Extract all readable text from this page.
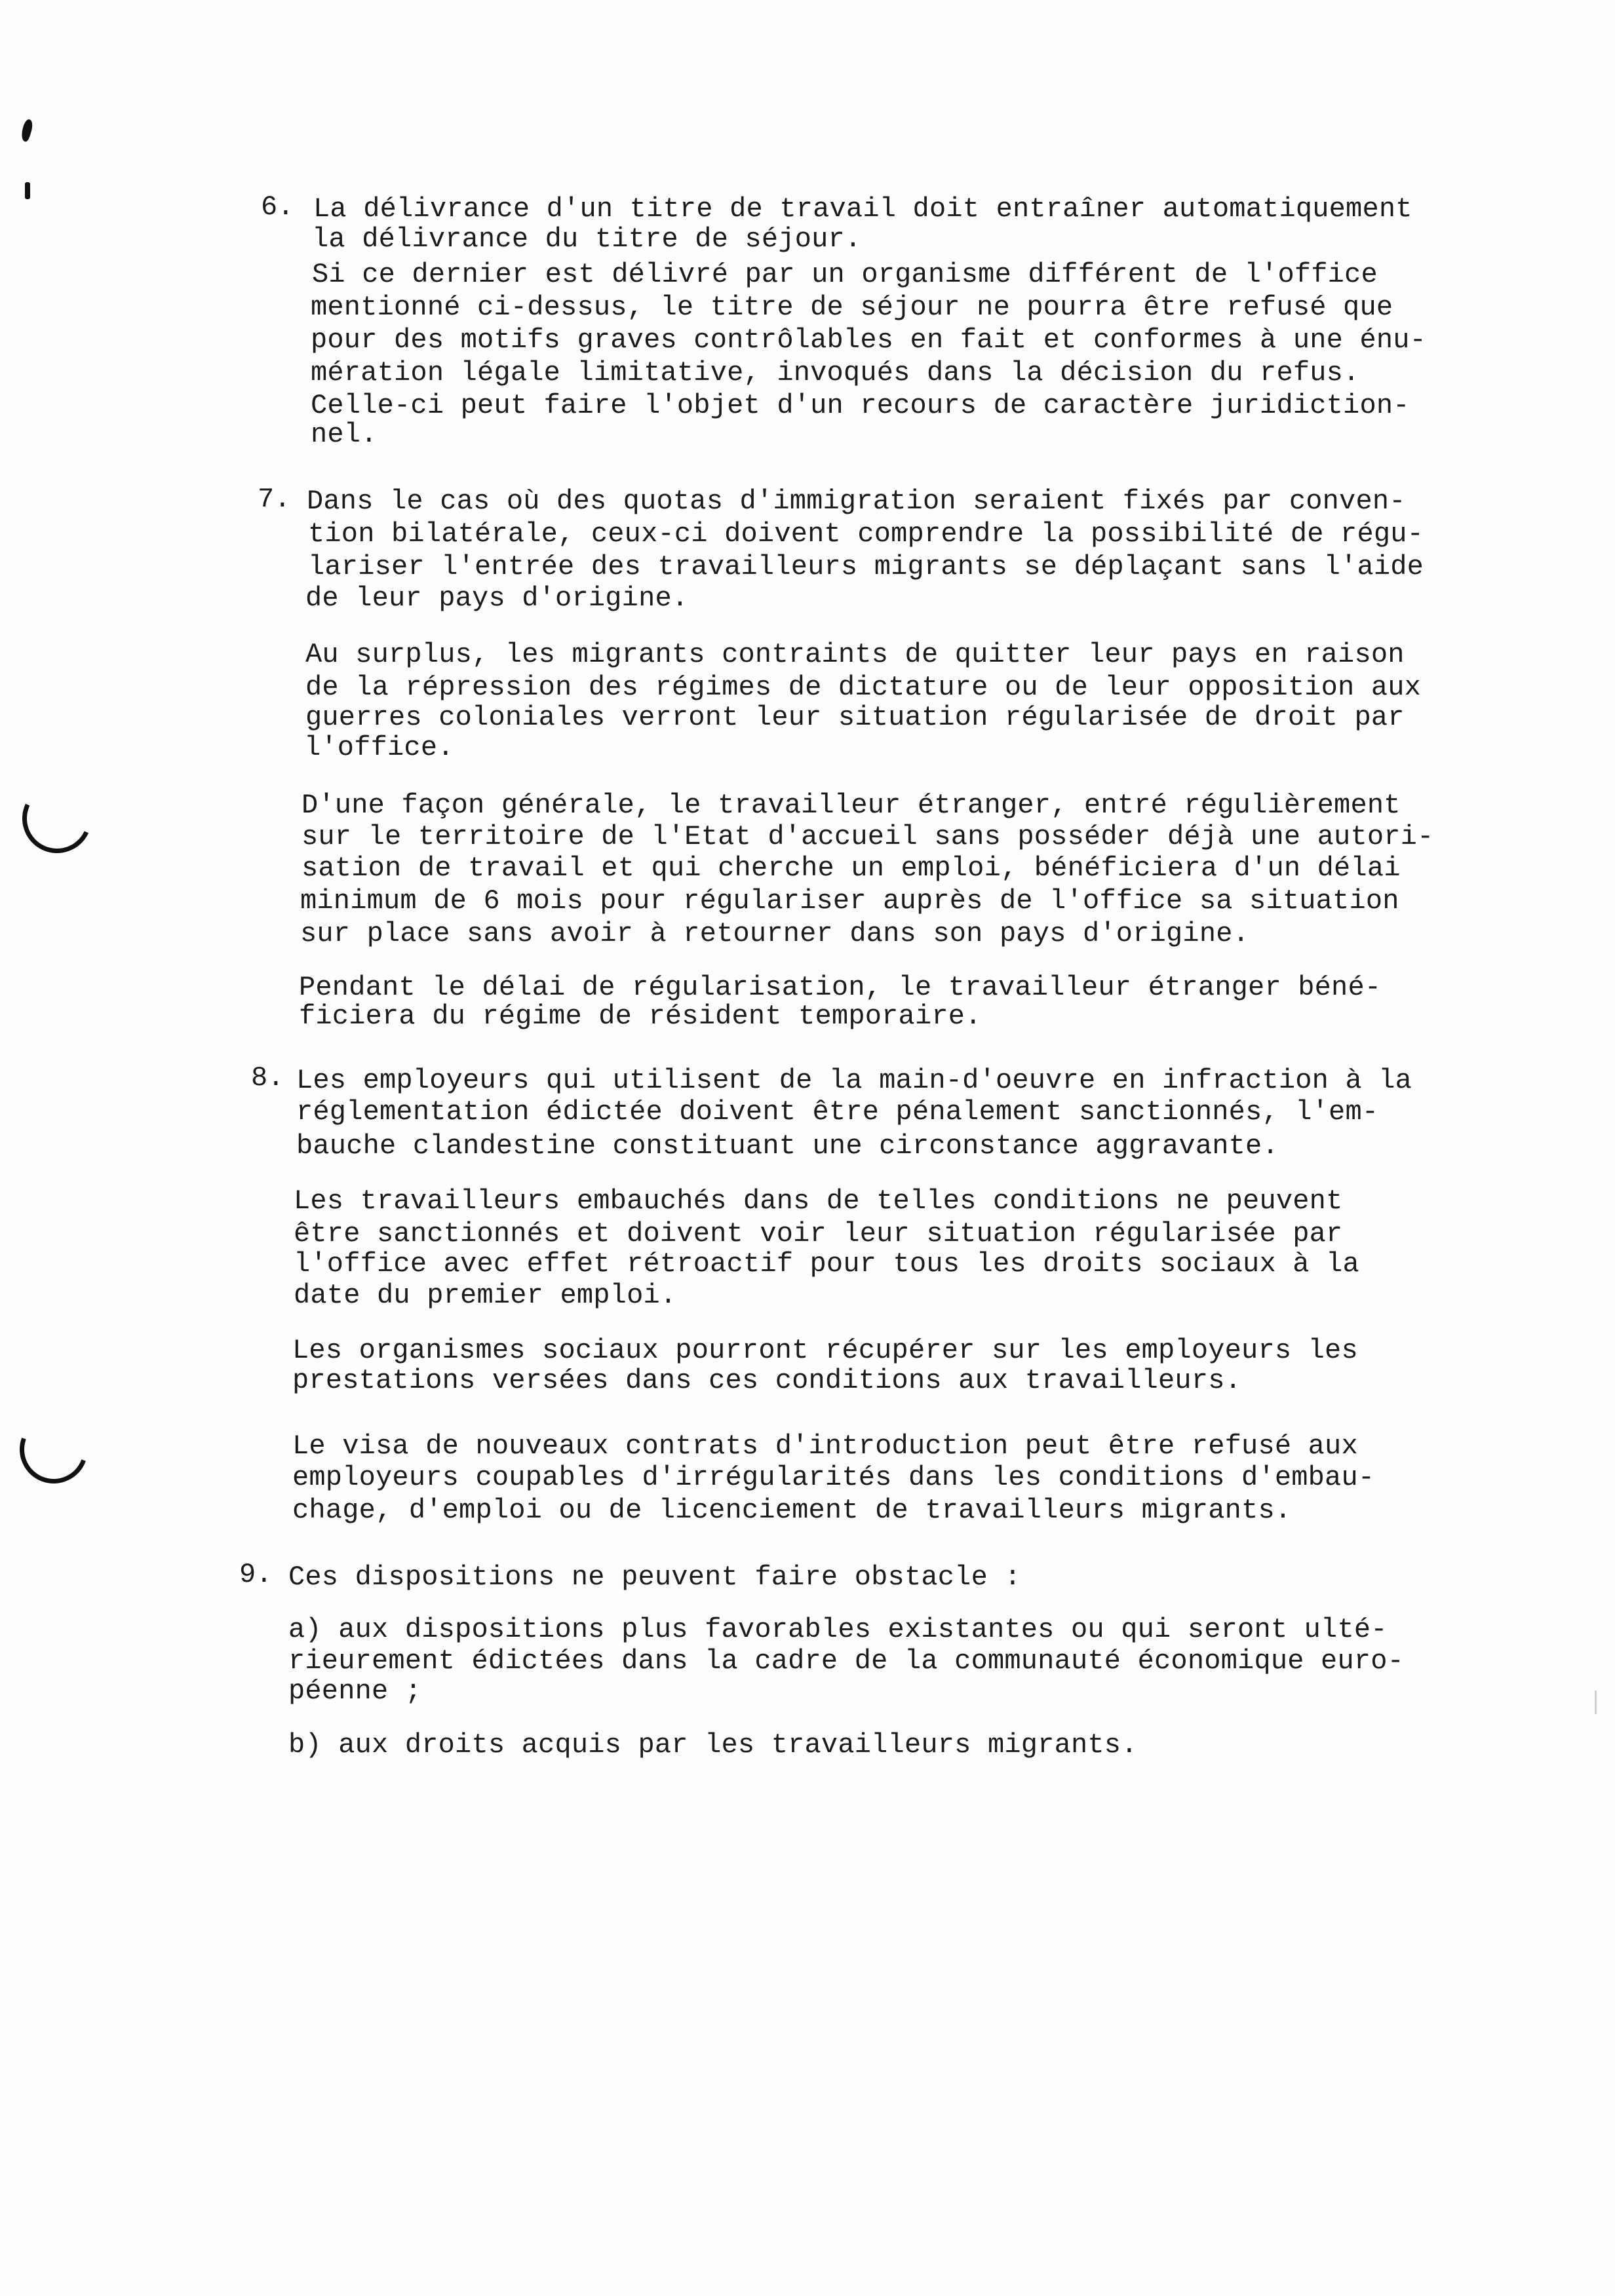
6. La délivrance d'un titre de travail doit entraîner automatiquement
la délivrance du titre de séjour.
Si ce dernier est délivré par un organisme différent de l'office
mentionné ci-dessus, le titre de séjour ne pourra être refusé que
pour des motifs graves contrôlables en fait et conformes à une énu-
mération légale limitative, invoqués dans la décision du refus.
Celle-ci peut faire l'objet d'un recours de caractère juridiction-
nel.
7. Dans le cas où des quotas d'immigration seraient fixés par conven-
tion bilatérale, ceux-ci doivent comprendre la possibilité de régu-
lariser l'entrée des travailleurs migrants se déplaçant sans l'aide
de leur pays d'origine.
Au surplus, les migrants contraints de quitter leur pays en raison
de la répression des régimes de dictature ou de leur opposition aux
guerres coloniales verront leur situation régularisée de droit par
l'office.
D'une façon générale, le travailleur étranger, entré régulièrement
sur le territoire de l'Etat d'accueil sans posséder déjà une autori-
sation de travail et qui cherche un emploi, bénéficiera d'un délai
minimum de 6 mois pour régulariser auprès de l'office sa situation
sur place sans avoir à retourner dans son pays d'origine.
Pendant le délai de régularisation, le travailleur étranger béné-
ficiera du régime de résident temporaire.
8. Les employeurs qui utilisent de la main-d'oeuvre en infraction à la
réglementation édictée doivent être pénalement sanctionnés, l'em-
bauche clandestine constituant une circonstance aggravante.
Les travailleurs embauchés dans de telles conditions ne peuvent
être sanctionnés et doivent voir leur situation régularisée par
l'office avec effet rétroactif pour tous les droits sociaux à la
date du premier emploi.
Les organismes sociaux pourront récupérer sur les employeurs les
prestations versées dans ces conditions aux travailleurs.
Le visa de nouveaux contrats d'introduction peut être refusé aux
employeurs coupables d'irrégularités dans les conditions d'embau-
chage, d'emploi ou de licenciement de travailleurs migrants.
9. Ces dispositions ne peuvent faire obstacle :
a) aux dispositions plus favorables existantes ou qui seront ulté-
rieurement édictées dans la cadre de la communauté économique euro-
péenne ;
b) aux droits acquis par les travailleurs migrants.
